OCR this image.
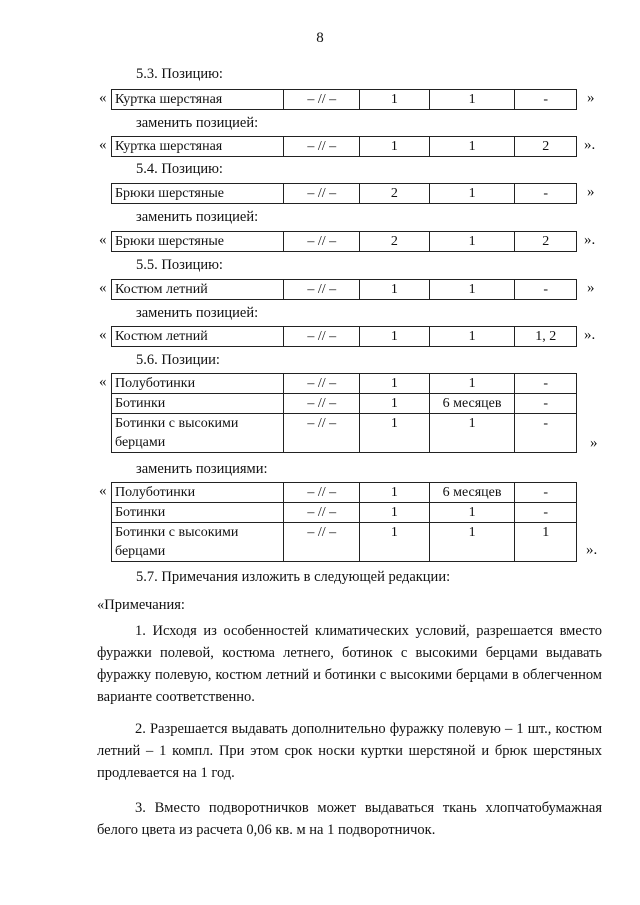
8
5.3. Позицию:
« Куртка шерстяная	– // –	1	1	-	»
заменить позицией:
« Куртка шерстяная	– // –	1	1	2 ».
5.4. Позицию:
Брюки шерстяные	– // –	2	1	-	»
заменить позицией:
« Брюки шерстяные	– // –	2	1	2 ».
5.5. Позицию:
« Костюм летний	– // –	1	1	-	»
заменить позицией:
« Костюм летний	– // –	1	1	1, 2 ».
5.6. Позиции:
« Полуботинки	– // –	1	1	-
Ботинки	– // –	1	6 месяцев	-
Ботинки с высокими берцами	– // –	1	1	-
»
заменить позициями:
« Полуботинки	– // –	1	6 месяцев	-
Ботинки	– // –	1	1	-
Ботинки с высокими берцами	– // –	1	1	1
».
5.7. Примечания изложить в следующей редакции:
«Примечания:
1. Исходя из особенностей климатических условий, разрешается вместо фуражки полевой, костюма летнего, ботинок с высокими берцами выдавать фуражку полевую, костюм летний и ботинки с высокими берцами в облегченном варианте соответственно.
2. Разрешается выдавать дополнительно фуражку полевую – 1 шт., костюм летний – 1 компл. При этом срок носки куртки шерстяной и брюк шерстяных продлевается на 1 год.
3. Вместо подворотничков может выдаваться ткань хлопчатобумажная белого цвета из расчета 0,06 кв. м на 1 подворотничок.
